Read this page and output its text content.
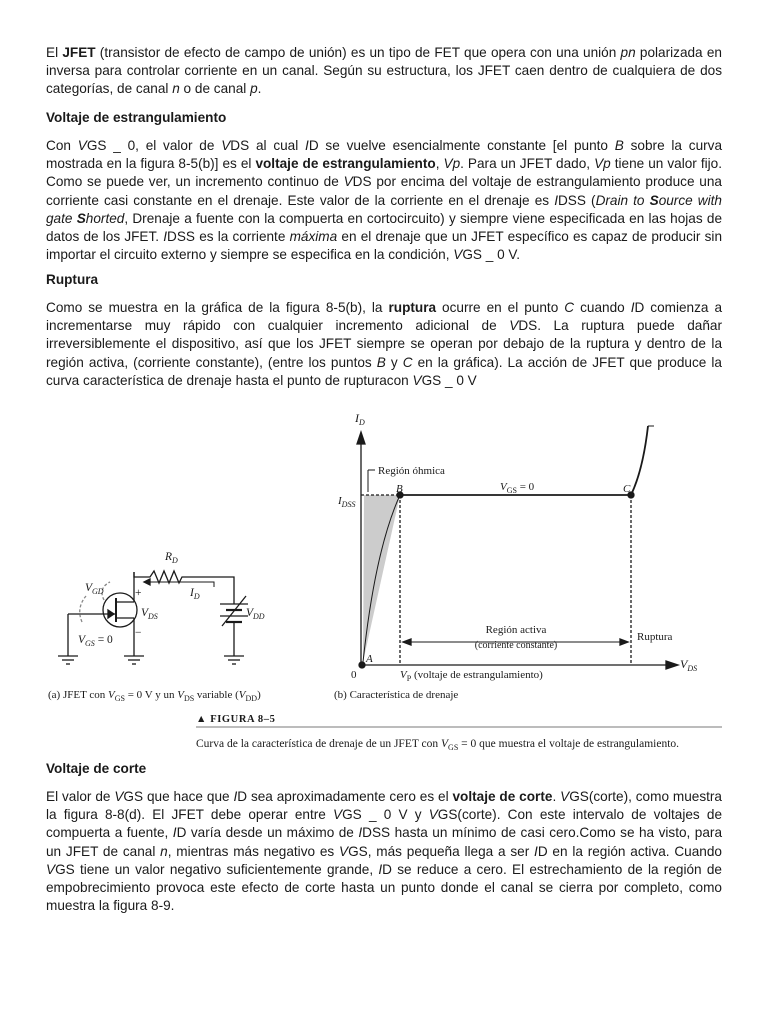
El JFET (transistor de efecto de campo de unión) es un tipo de FET que opera con una unión pn polarizada en inversa para controlar corriente en un canal. Según su estructura, los JFET caen dentro de cualquiera de dos categorías, de canal n o de canal p.

Voltaje de estrangulamiento

Con VGS _ 0, el valor de VDS al cual ID se vuelve esencialmente constante [el punto B sobre la curva mostrada en la figura 8-5(b)] es el voltaje de estrangulamiento, Vp. Para un JFET dado, Vp tiene un valor fijo. Como se puede ver, un incremento continuo de VDS por encima del voltaje de estrangulamiento produce una corriente casi constante en el drenaje. Este valor de la corriente en el drenaje es IDSS (Drain to Source with gate Shorted, Drenaje a fuente con la compuerta en cortocircuito) y siempre viene especificada en las hojas de datos de los JFET. IDSS es la corriente máxima en el drenaje que un JFET específico es capaz de producir sin importar el circuito externo y siempre se especifica en la condición, VGS _ 0 V.

Ruptura

Como se muestra en la gráfica de la figura 8-5(b), la ruptura ocurre en el punto C cuando ID comienza a incrementarse muy rápido con cualquier incremento adicional de VDS. La ruptura puede dañar irreversiblemente el dispositivo, así que los JFET siempre se operan por debajo de la ruptura y dentro de la región activa, (corriente constante), (entre los puntos B y C en la gráfica). La acción de JFET que produce la curva característica de drenaje hasta el punto de rupturacon VGS _ 0 V

$R_D$
$V_{GD}$	$I_D$
$V_{DS}$	$V_{DD}$
$V_{GS} = 0$
+
−
(a) JFET con $V_{GS} = 0$ V y un $V_{DS}$ variable $(V_{DD})$
$I_D$
$I_{DSS}$
Región óhmica
B	C
A
0
$V_{GS} = 0$
Región activa
(corriente constante)
Ruptura
$V_{DS}$
$V_P$ (voltaje de estrangulamiento)
(b) Característica de drenaje
▲ FIGURA 8–5
Curva de la característica de drenaje de un JFET con $V_{GS} = 0$ que muestra el voltaje de estrangulamiento.
Voltaje de corte

El valor de VGS que hace que ID sea aproximadamente cero es el voltaje de corte. VGS(corte), como muestra la figura 8-8(d). El JFET debe operar entre VGS _ 0 V y VGS(corte). Con este intervalo de voltajes de compuerta a fuente, ID varía desde un máximo de IDSS hasta un mínimo de casi cero.Como se ha visto, para un JFET de canal n, mientras más negativo es VGS, más pequeña llega a ser ID en la región activa. Cuando VGS tiene un valor negativo suficientemente grande, ID se reduce a cero. El estrechamiento de la región de empobrecimiento provoca este efecto de corte hasta un punto donde el canal se cierra por completo, como muestra la figura 8-9.
